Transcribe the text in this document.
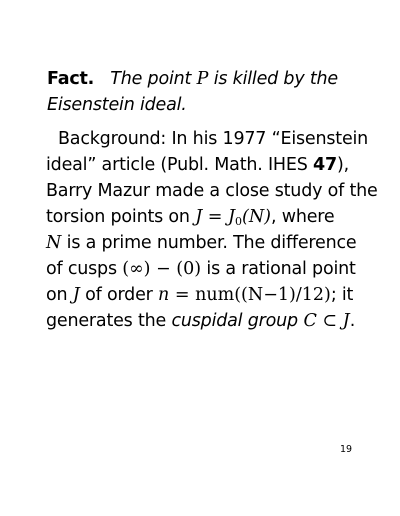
Fact. The point P is killed by the
Eisenstein ideal.
Background: In his 1977 “Eisenstein
ideal” article (Publ. Math. IHES 47),
Barry Mazur made a close study of the
torsion points on $J = J_0(N)$, where
N is a prime number. The difference
of cusps (∞) − (0) is a rational point
on J of order n = num((N−1)/12); it
generates the cuspidal group C ⊂ J.
19
